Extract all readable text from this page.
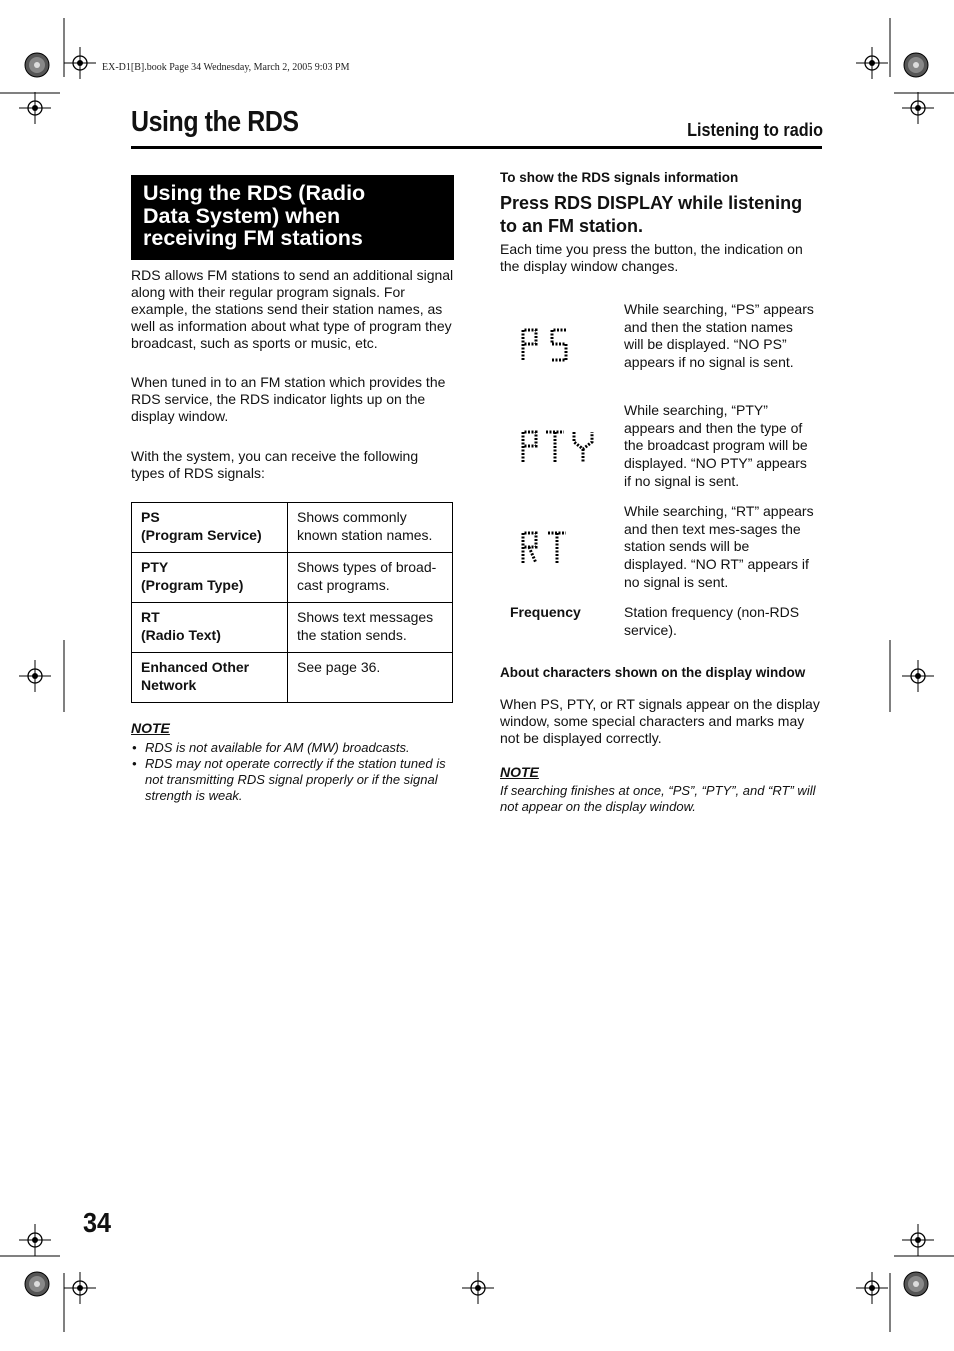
EX-D1[B].book Page 34 Wednesday, March 2, 2005 9:03 PM
Using the RDS	Listening to radio
Using the RDS (Radio
Data System) when
receiving FM stations
RDS allows FM stations to send an additional signal along with their regular program signals. For example, the stations send their station names, as well as information about what type of program they broadcast, such as sports or music, etc.
When tuned in to an FM station which provides the RDS service, the RDS indicator lights up on the display window.
With the system, you can receive the following types of RDS signals:
PS
(Program Service)	Shows commonly known station names.

PTY
(Program Type)	Shows types of broad-cast programs.

RT
(Radio Text)	Shows text messages the station sends.

Enhanced Other
Network	See page 36.
NOTE
• RDS is not available for AM (MW) broadcasts.
• RDS may not operate correctly if the station tuned is not transmitting RDS signal properly or if the signal strength is weak.
To show the RDS signals information
Press RDS DISPLAY while listening to an FM station.
Each time you press the button, the indication on the display window changes.
While searching, “PS” appears and then the station names will be displayed. “NO PS” appears if no signal is sent.
While searching, “PTY” appears and then the type of the broadcast program will be displayed. “NO PTY” appears if no signal is sent.
While searching, “RT” appears and then text mes-sages the station sends will be displayed. “NO RT” appears if no signal is sent.
Frequency	Station frequency (non-RDS service).
About characters shown on the display window
When PS, PTY, or RT signals appear on the display window, some special characters and marks may not be displayed correctly.
NOTE
If searching finishes at once, “PS”, “PTY”, and “RT” will not appear on the display window.
34
